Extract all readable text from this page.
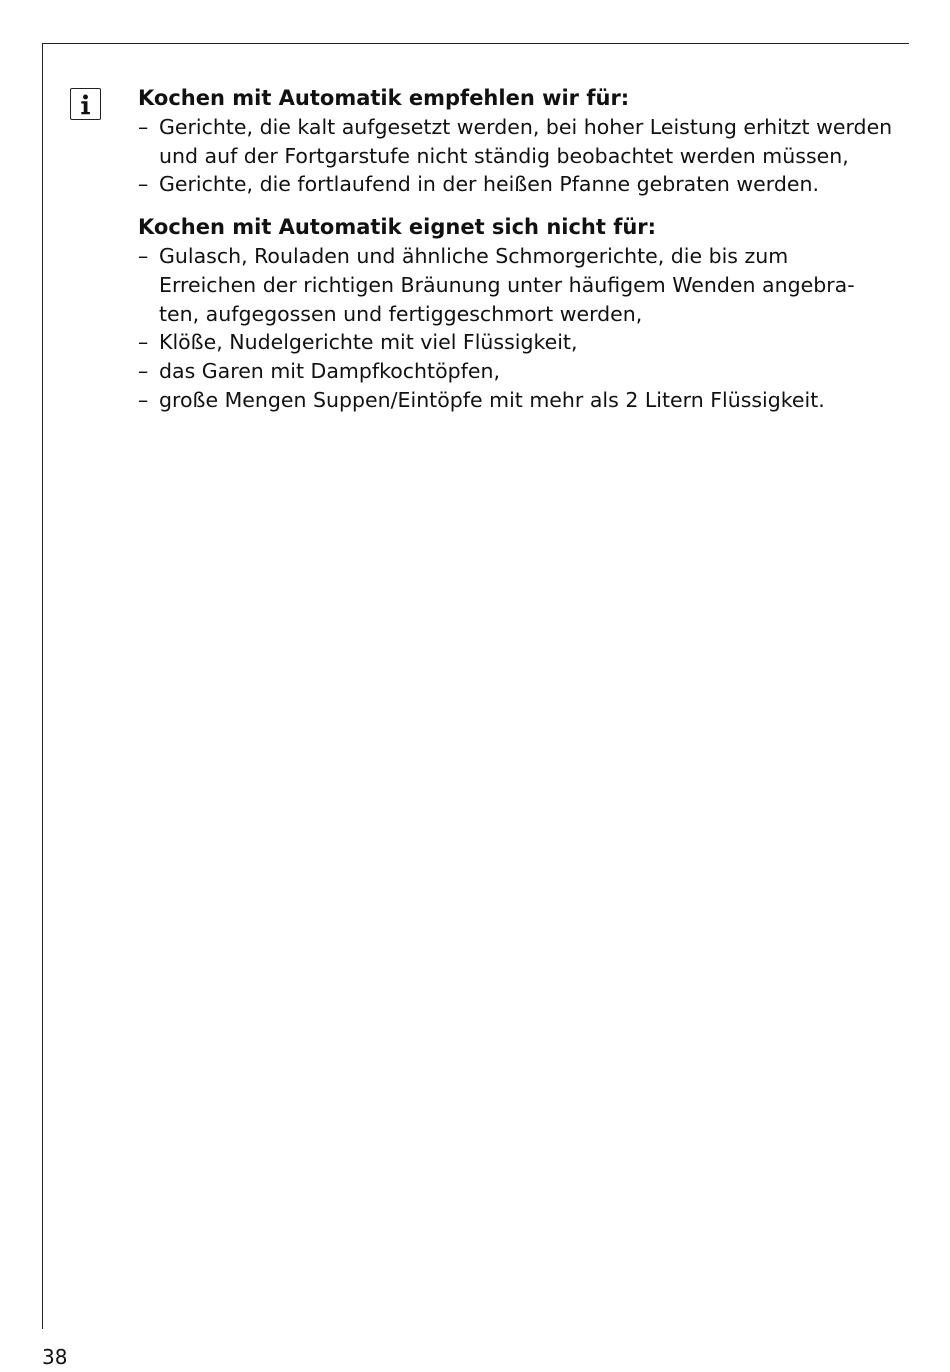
Kochen mit Automatik empfehlen wir für:
– Gerichte, die kalt aufgesetzt werden, bei hoher Leistung erhitzt werden
und auf der Fortgarstufe nicht ständig beobachtet werden müssen,
– Gerichte, die fortlaufend in der heißen Pfanne gebraten werden.
Kochen mit Automatik eignet sich nicht für:
– Gulasch, Rouladen und ähnliche Schmorgerichte, die bis zum
Erreichen der richtigen Bräunung unter häufigem Wenden angebra-
ten, aufgegossen und fertiggeschmort werden,
– Klöße, Nudelgerichte mit viel Flüssigkeit,
– das Garen mit Dampfkochtöpfen,
– große Mengen Suppen/Eintöpfe mit mehr als 2 Litern Flüssigkeit.
38
